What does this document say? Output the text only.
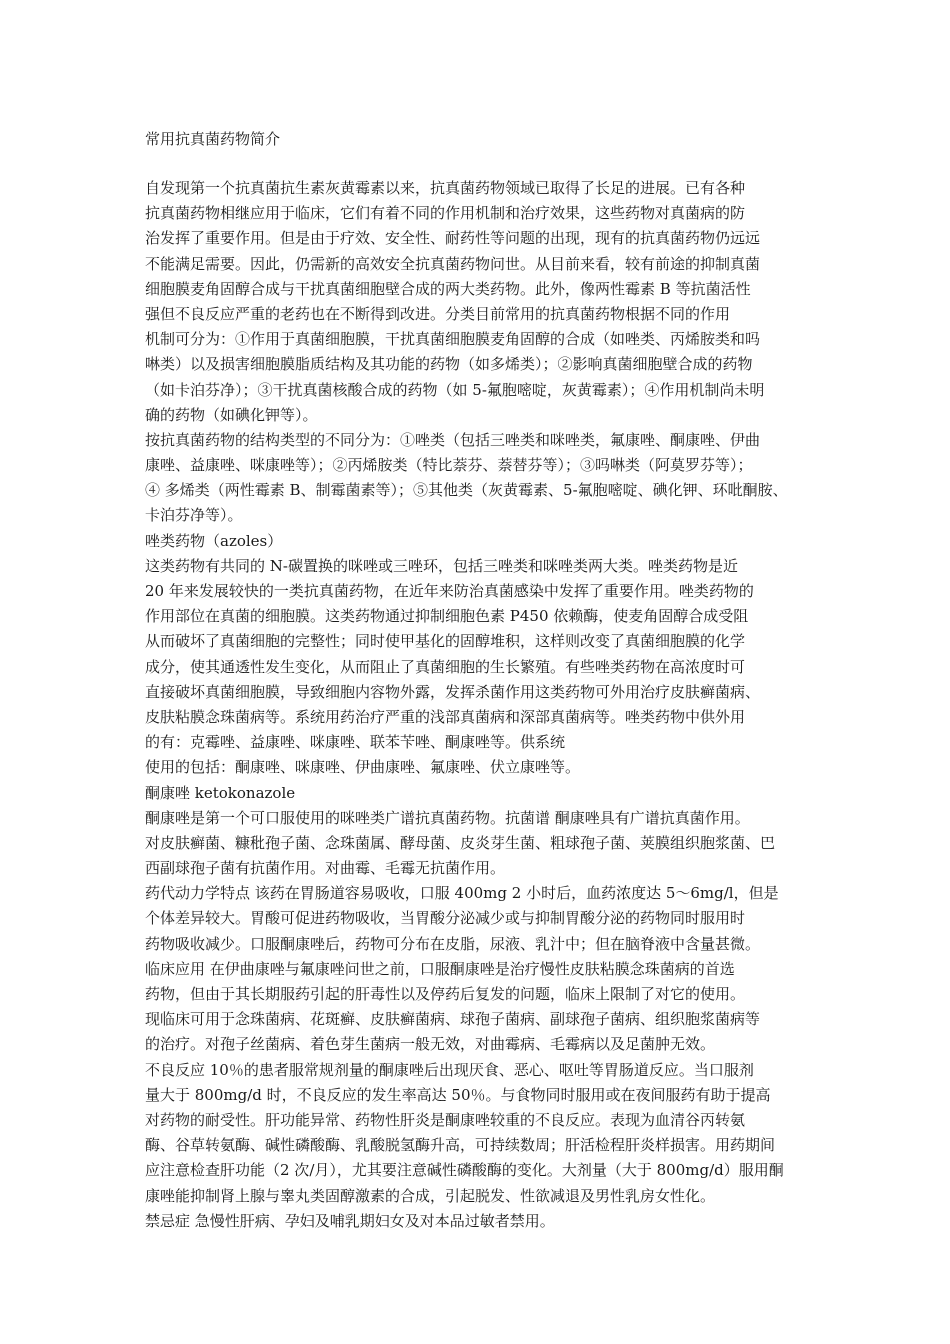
常用抗真菌药物简介
自发现第一个抗真菌抗生素灰黄霉素以来，抗真菌药物领域已取得了长足的进展。已有各种
抗真菌药物相继应用于临床，它们有着不同的作用机制和治疗效果，这些药物对真菌病的防
治发挥了重要作用。但是由于疗效、安全性、耐药性等问题的出现，现有的抗真菌药物仍远远
不能满足需要。因此，仍需新的高效安全抗真菌药物问世。从目前来看，较有前途的抑制真菌
细胞膜麦角固醇合成与干扰真菌细胞壁合成的两大类药物。此外，像两性霉素 B 等抗菌活性
强但不良反应严重的老药也在不断得到改进。分类目前常用的抗真菌药物根据不同的作用
机制可分为：①作用于真菌细胞膜，干扰真菌细胞膜麦角固醇的合成（如唑类、丙烯胺类和吗
啉类）以及损害细胞膜脂质结构及其功能的药物（如多烯类）；②影响真菌细胞壁合成的药物
（如卡泊芬净）；③干扰真菌核酸合成的药物（如 5-氟胞嘧啶，灰黄霉素）；④作用机制尚未明
确的药物（如碘化钾等）。
按抗真菌药物的结构类型的不同分为：①唑类（包括三唑类和咪唑类，氟康唑、酮康唑、伊曲
康唑、益康唑、咪康唑等）；②丙烯胺类（特比萘芬、萘替芬等）；③吗啉类（阿莫罗芬等）；
④ 多烯类（两性霉素 B、制霉菌素等）；⑤其他类（灰黄霉素、5-氟胞嘧啶、碘化钾、环吡酮胺、
卡泊芬净等）。
唑类药物（azoles）
这类药物有共同的 N-碳置换的咪唑或三唑环，包括三唑类和咪唑类两大类。唑类药物是近
20 年来发展较快的一类抗真菌药物，在近年来防治真菌感染中发挥了重要作用。唑类药物的
作用部位在真菌的细胞膜。这类药物通过抑制细胞色素 P450 依赖酶，使麦角固醇合成受阻
从而破坏了真菌细胞的完整性；同时使甲基化的固醇堆积，这样则改变了真菌细胞膜的化学
成分，使其通透性发生变化，从而阻止了真菌细胞的生长繁殖。有些唑类药物在高浓度时可
直接破坏真菌细胞膜，导致细胞内容物外露，发挥杀菌作用这类药物可外用治疗皮肤癣菌病、
皮肤粘膜念珠菌病等。系统用药治疗严重的浅部真菌病和深部真菌病等。唑类药物中供外用
的有：克霉唑、益康唑、咪康唑、联苯苄唑、酮康唑等。供系统
使用的包括：酮康唑、咪康唑、伊曲康唑、氟康唑、伏立康唑等。
酮康唑 ketokonazole
酮康唑是第一个可口服使用的咪唑类广谱抗真菌药物。抗菌谱 酮康唑具有广谱抗真菌作用。
对皮肤癣菌、糠秕孢子菌、念珠菌属、酵母菌、皮炎芽生菌、粗球孢子菌、荚膜组织胞浆菌、巴
西副球孢子菌有抗菌作用。对曲霉、毛霉无抗菌作用。
药代动力学特点 该药在胃肠道容易吸收，口服 400mg 2 小时后，血药浓度达 5～6mg/l，但是
个体差异较大。胃酸可促进药物吸收，当胃酸分泌减少或与抑制胃酸分泌的药物同时服用时
药物吸收减少。口服酮康唑后，药物可分布在皮脂，尿液、乳汁中；但在脑脊液中含量甚微。
临床应用 在伊曲康唑与氟康唑问世之前，口服酮康唑是治疗慢性皮肤粘膜念珠菌病的首选
药物，但由于其长期服药引起的肝毒性以及停药后复发的问题，临床上限制了对它的使用。
现临床可用于念珠菌病、花斑癣、皮肤癣菌病、球孢子菌病、副球孢子菌病、组织胞浆菌病等
的治疗。对孢子丝菌病、着色芽生菌病一般无效，对曲霉病、毛霉病以及足菌肿无效。
不良反应 10％的患者服常规剂量的酮康唑后出现厌食、恶心、呕吐等胃肠道反应。当口服剂
量大于 800mg/d 时，不良反应的发生率高达 50％。与食物同时服用或在夜间服药有助于提高
对药物的耐受性。肝功能异常、药物性肝炎是酮康唑较重的不良反应。表现为血清谷丙转氨
酶、谷草转氨酶、碱性磷酸酶、乳酸脱氢酶升高，可持续数周；肝活检程肝炎样损害。用药期间
应注意检查肝功能（2 次/月），尤其要注意碱性磷酸酶的变化。大剂量（大于 800mg/d）服用酮
康唑能抑制肾上腺与睾丸类固醇激素的合成，引起脱发、性欲减退及男性乳房女性化。
禁忌症 急慢性肝病、孕妇及哺乳期妇女及对本品过敏者禁用。
